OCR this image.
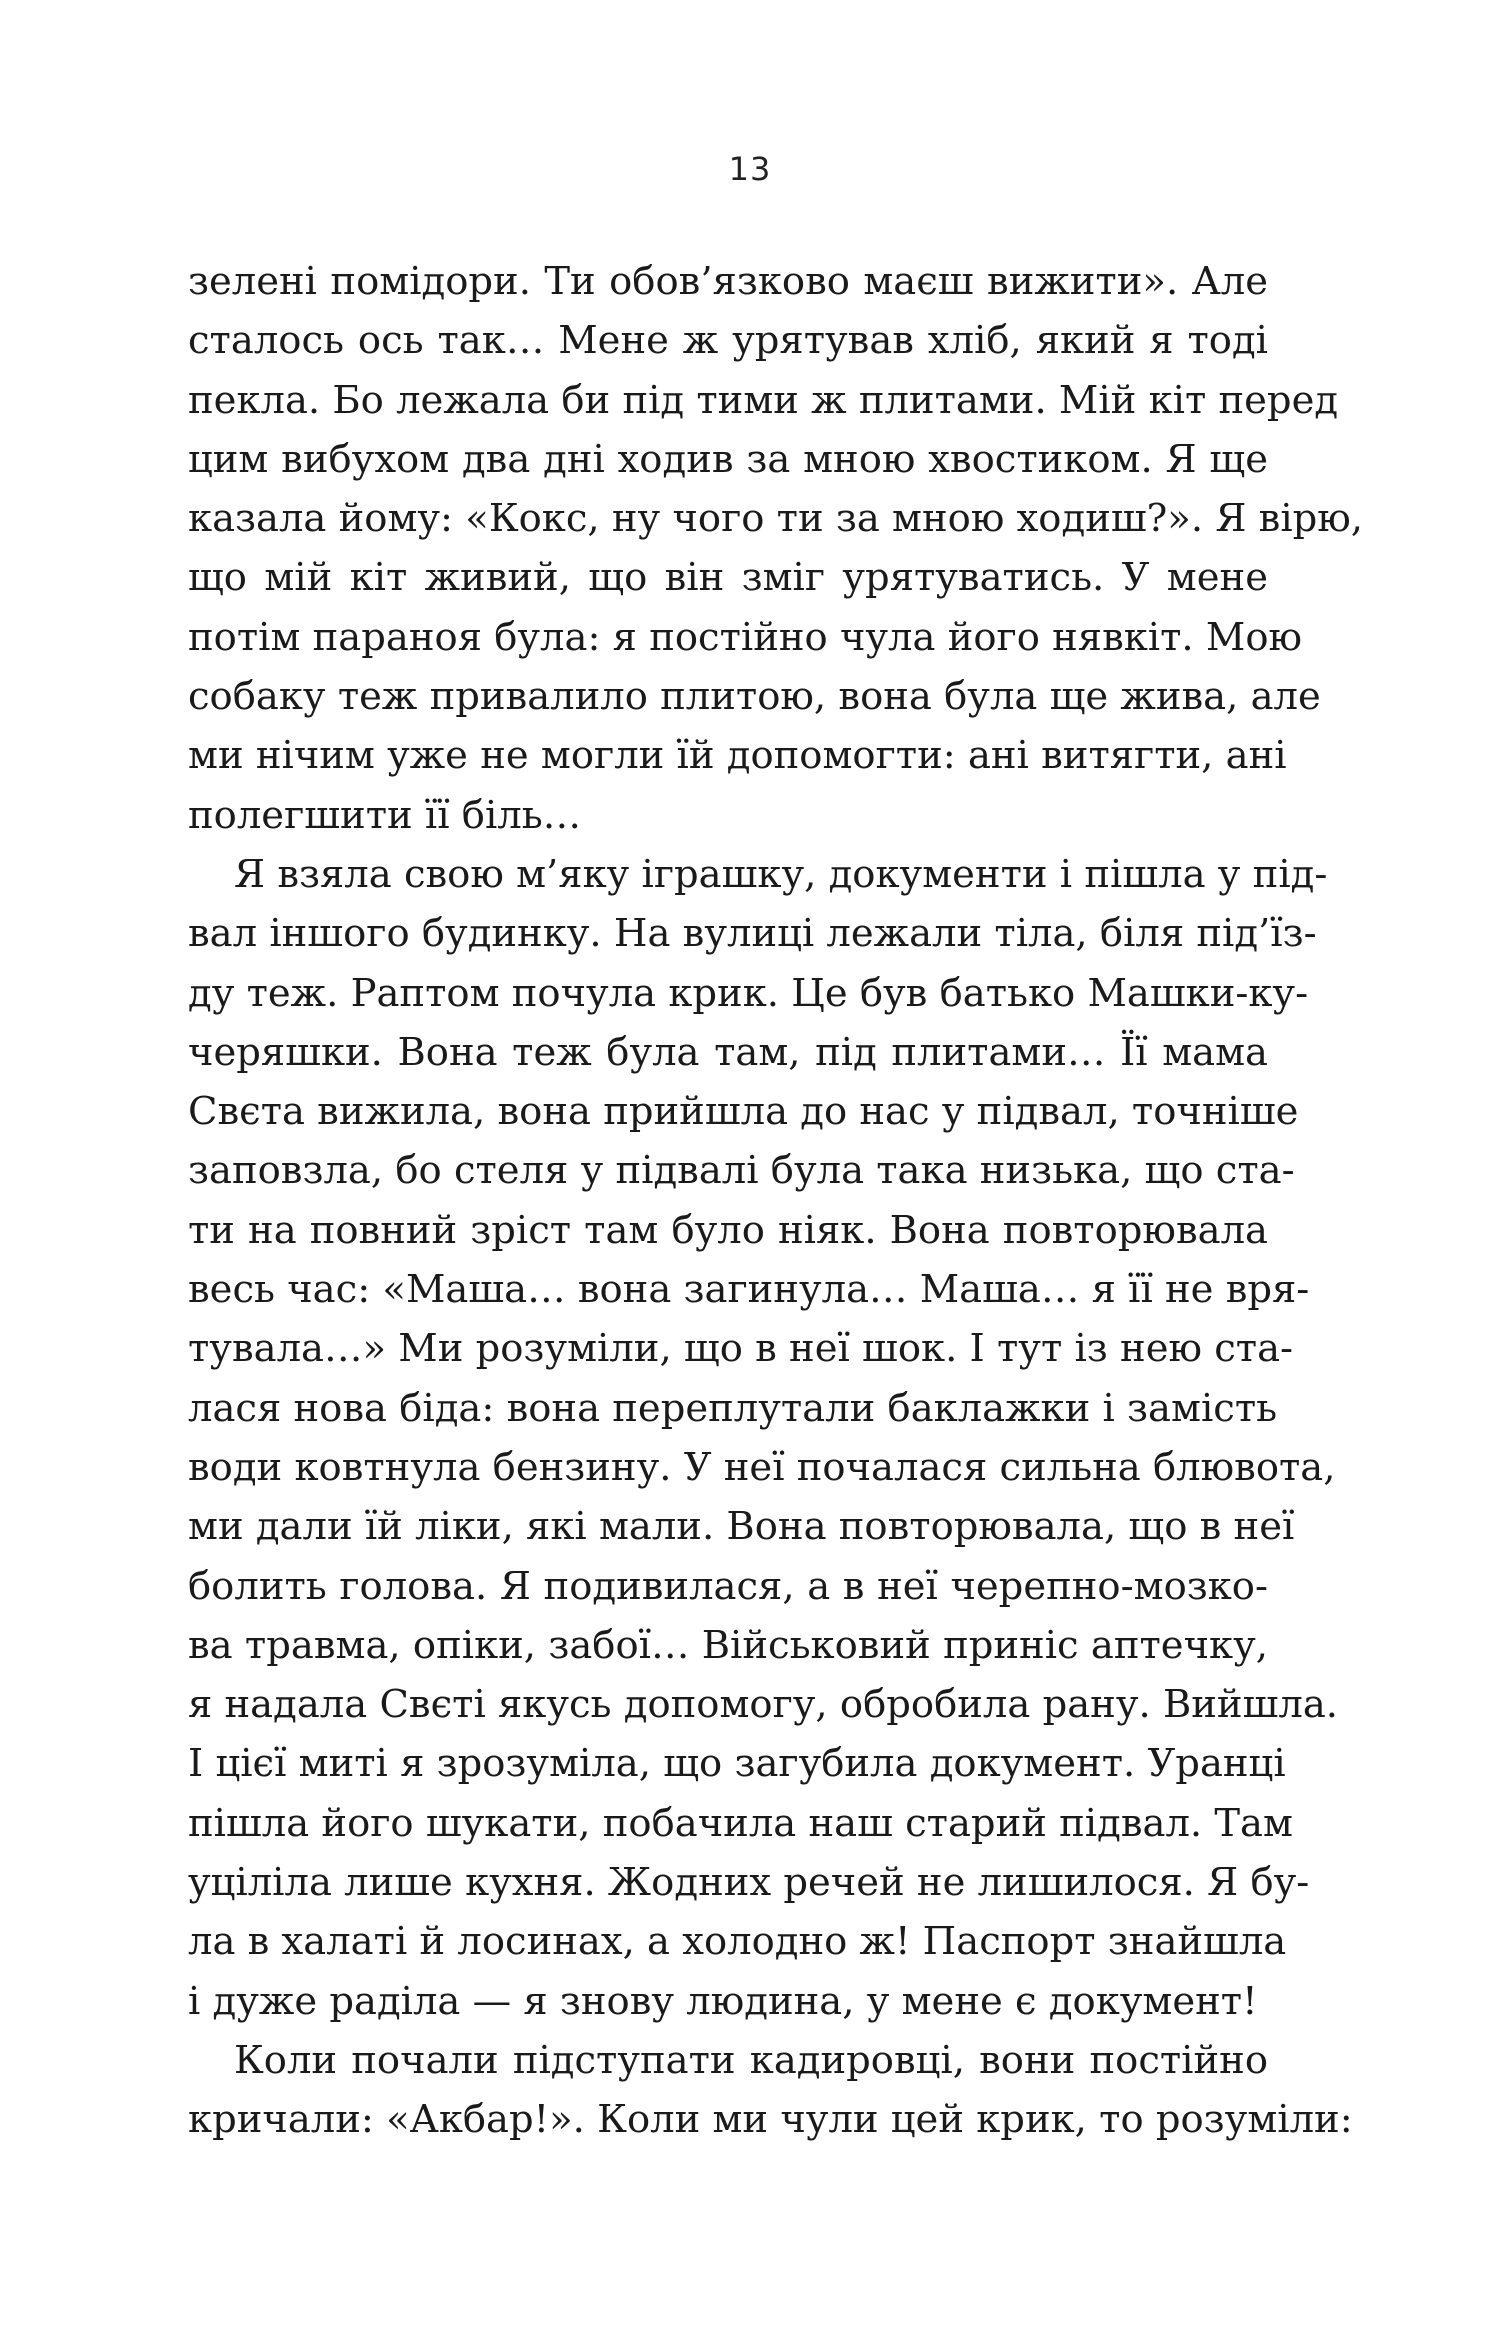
13
зелені помідори. Ти обов’язково маєш вижити». Але
сталось ось так… Мене ж урятував хліб, який я тоді
пекла. Бо лежала би під тими ж плитами. Мій кіт перед
цим вибухом два дні ходив за мною хвостиком. Я ще
казала йому: «Кокс, ну чого ти за мною ходиш?». Я вірю,
що мій кіт живий, що він зміг урятуватись. У мене
потім параноя була: я постійно чула його нявкіт. Мою
собаку теж привалило плитою, вона була ще жива, але
ми нічим уже не могли їй допомогти: ані витягти, ані
полегшити її біль…
Я взяла свою м’яку іграшку, документи і пішла у під-
вал іншого будинку. На вулиці лежали тіла, біля під’їз-
ду теж. Раптом почула крик. Це був батько Машки-ку-
черяшки. Вона теж була там, під плитами… Її мама
Свєта вижила, вона прийшла до нас у підвал, точніше
заповзла, бо стеля у підвалі була така низька, що ста-
ти на повний зріст там було ніяк. Вона повторювала
весь час: «Маша… вона загинула… Маша… я її не вря-
тувала…» Ми розуміли, що в неї шок. І тут із нею ста-
лася нова біда: вона переплутали баклажки і замість
води ковтнула бензину. У неї почалася сильна блювота,
ми дали їй ліки, які мали. Вона повторювала, що в неї
болить голова. Я подивилася, а в неї черепно-мозко-
ва травма, опіки, забої… Військовий приніс аптечку,
я надала Свєті якусь допомогу, обробила рану. Вийшла.
І цієї миті я зрозуміла, що загубила документ. Уранці
пішла його шукати, побачила наш старий підвал. Там
уціліла лише кухня. Жодних речей не лишилося. Я бу-
ла в халаті й лосинах, а холодно ж! Паспорт знайшла
і дуже раділа — я знову людина, у мене є документ!
Коли почали підступати кадировці, вони постійно
кричали: «Акбар!». Коли ми чули цей крик, то розуміли:
